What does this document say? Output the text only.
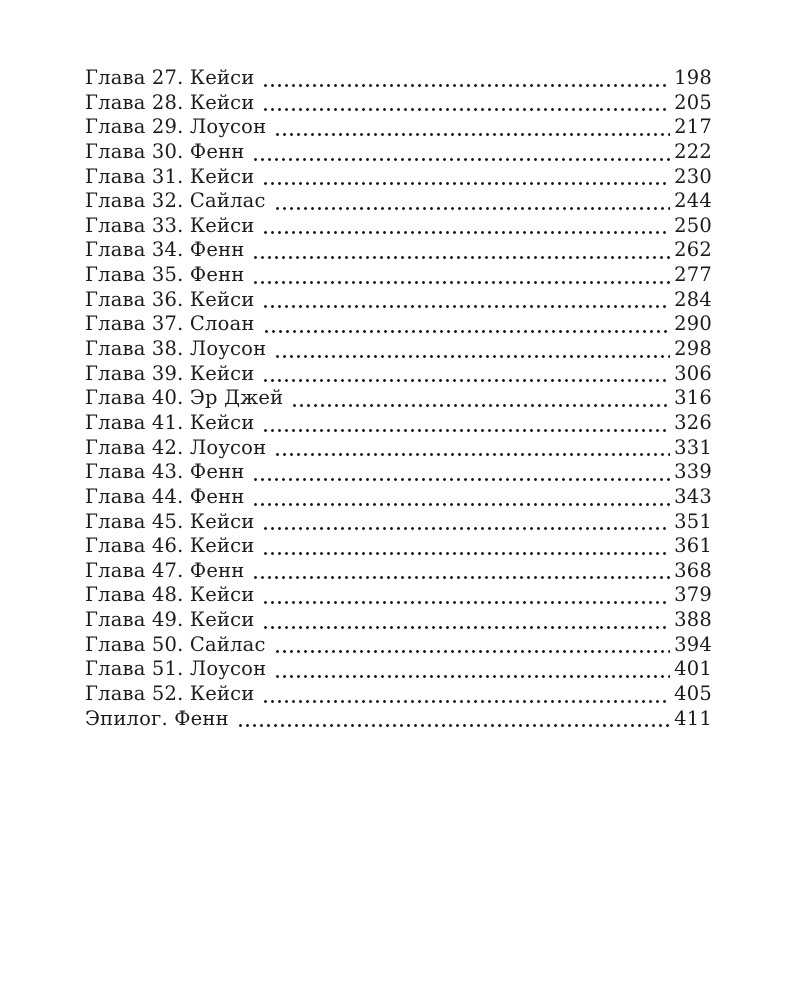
Глава 27. Кейси	198
Глава 28. Кейси	205
Глава 29. Лоусон	217
Глава 30. Фенн	222
Глава 31. Кейси	230
Глава 32. Сайлас	244
Глава 33. Кейси	250
Глава 34. Фенн	262
Глава 35. Фенн	277
Глава 36. Кейси	284
Глава 37. Слоан	290
Глава 38. Лоусон	298
Глава 39. Кейси	306
Глава 40. Эр Джей	316
Глава 41. Кейси	326
Глава 42. Лоусон	331
Глава 43. Фенн	339
Глава 44. Фенн	343
Глава 45. Кейси	351
Глава 46. Кейси	361
Глава 47. Фенн	368
Глава 48. Кейси	379
Глава 49. Кейси	388
Глава 50. Сайлас	394
Глава 51. Лоусон	401
Глава 52. Кейси	405
Эпилог. Фенн	411
